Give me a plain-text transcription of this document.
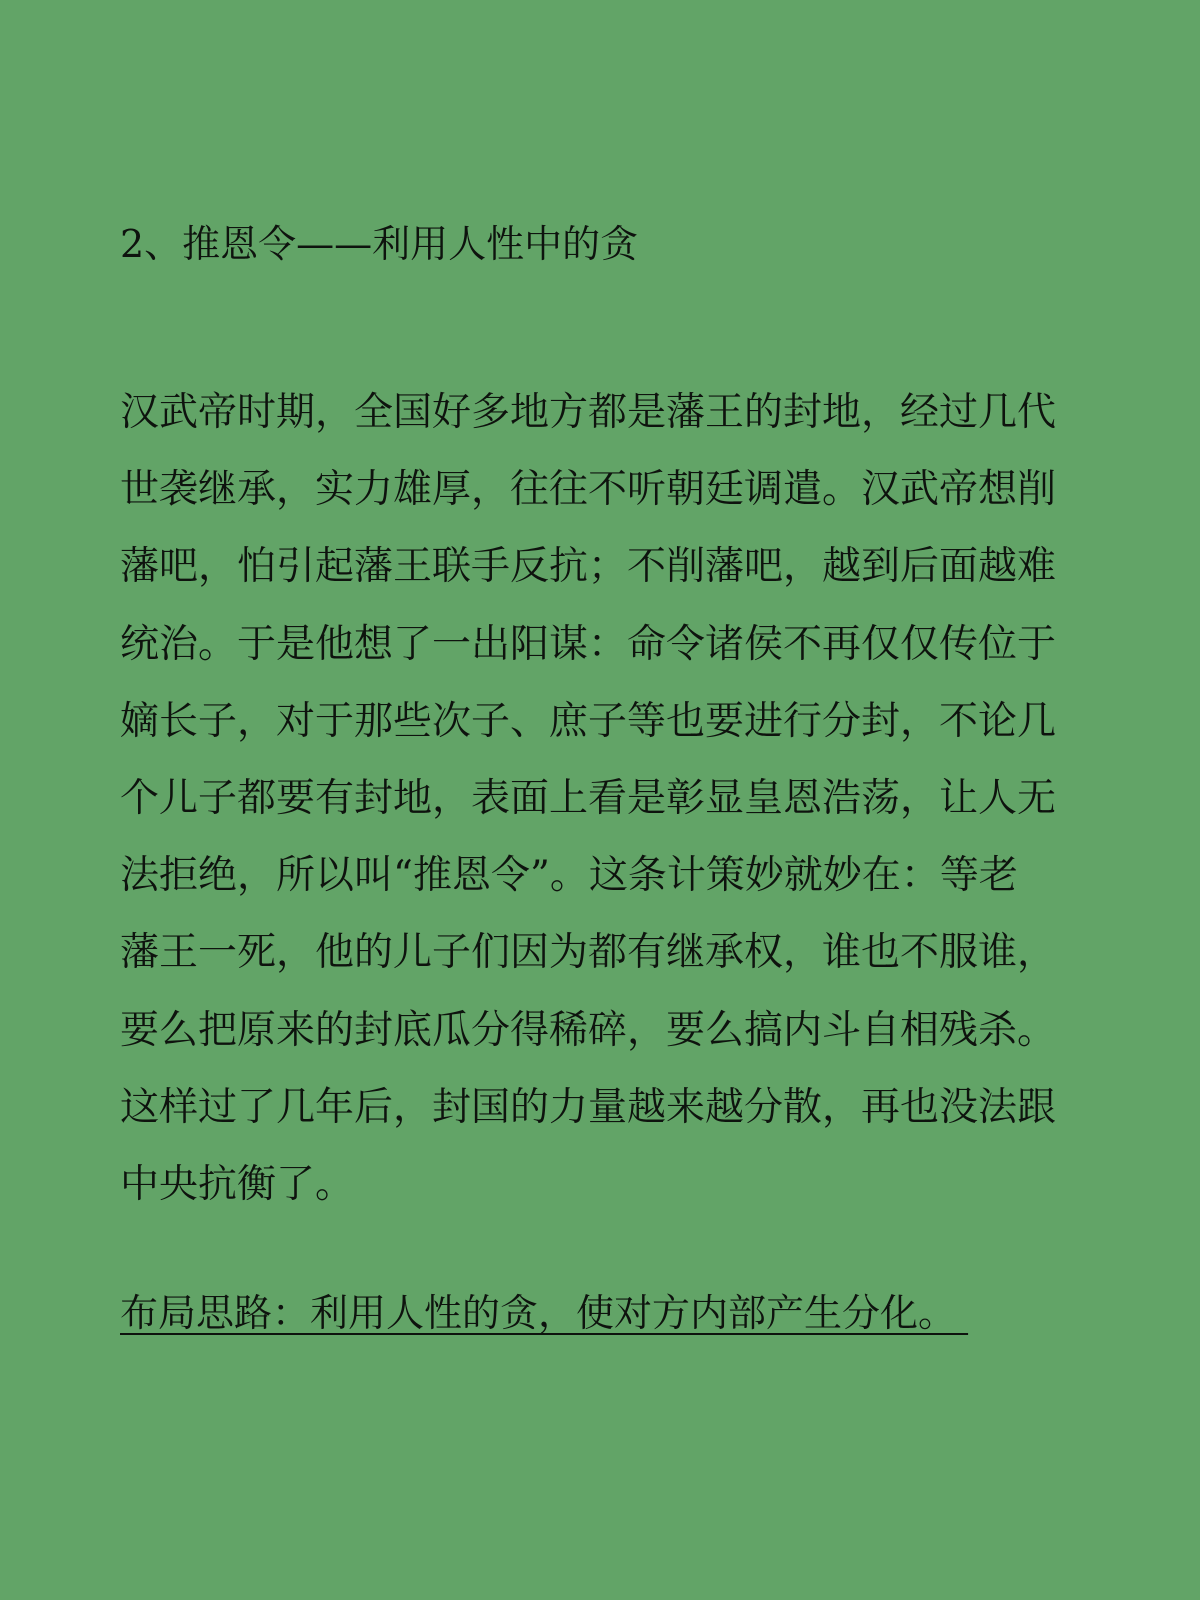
2、推恩令——利用人性中的贪
汉武帝时期，全国好多地方都是藩王的封地，经过几代
世袭继承，实力雄厚，往往不听朝廷调遣。汉武帝想削
藩吧，怕引起藩王联手反抗；不削藩吧，越到后面越难
统治。于是他想了一出阳谋：命令诸侯不再仅仅传位于
嫡长子，对于那些次子、庶子等也要进行分封，不论几
个儿子都要有封地，表面上看是彰显皇恩浩荡，让人无
法拒绝，所以叫“推恩令”。这条计策妙就妙在：等老
藩王一死，他的儿子们因为都有继承权，谁也不服谁，
要么把原来的封底瓜分得稀碎，要么搞内斗自相残杀。
这样过了几年后，封国的力量越来越分散，再也没法跟
中央抗衡了。
布局思路：利用人性的贪，使对方内部产生分化。
